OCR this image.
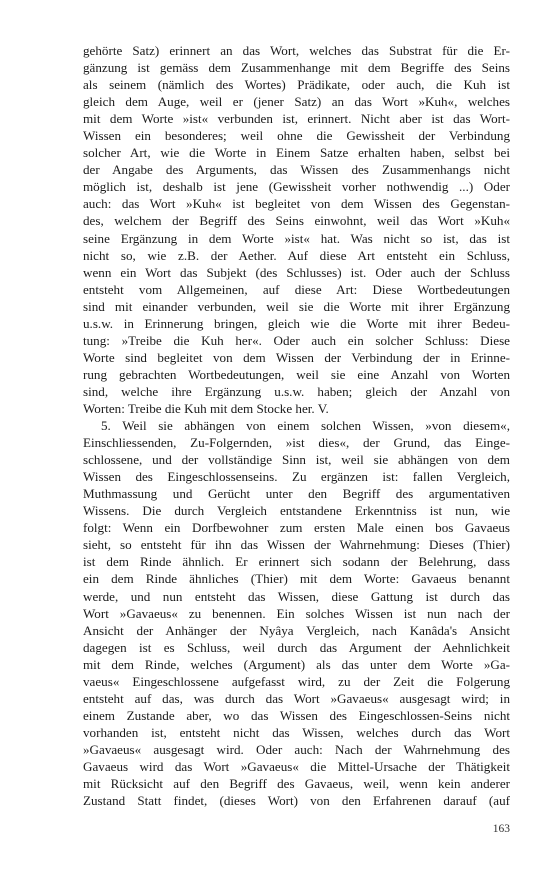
gehörte Satz) erinnert an das Wort, welches das Substrat für die Er-
gänzung ist gemäss dem Zusammenhange mit dem Begriffe des Seins
als seinem (nämlich des Wortes) Prädikate, oder auch, die Kuh ist
gleich dem Auge, weil er (jener Satz) an das Wort »Kuh«, welches
mit dem Worte »ist« verbunden ist, erinnert. Nicht aber ist das Wort-
Wissen ein besonderes; weil ohne die Gewissheit der Verbindung
solcher Art, wie die Worte in Einem Satze erhalten haben, selbst bei
der Angabe des Arguments, das Wissen des Zusammenhangs nicht
möglich ist, deshalb ist jene (Gewissheit vorher nothwendig ...) Oder
auch: das Wort »Kuh« ist begleitet von dem Wissen des Gegenstan-
des, welchem der Begriff des Seins einwohnt, weil das Wort »Kuh«
seine Ergänzung in dem Worte »ist« hat. Was nicht so ist, das ist
nicht so, wie z.B. der Aether. Auf diese Art entsteht ein Schluss,
wenn ein Wort das Subjekt (des Schlusses) ist. Oder auch der Schluss
entsteht vom Allgemeinen, auf diese Art: Diese Wortbedeutungen
sind mit einander verbunden, weil sie die Worte mit ihrer Ergänzung
u.s.w. in Erinnerung bringen, gleich wie die Worte mit ihrer Bedeu-
tung: »Treibe die Kuh her«. Oder auch ein solcher Schluss: Diese
Worte sind begleitet von dem Wissen der Verbindung der in Erinne-
rung gebrachten Wortbedeutungen, weil sie eine Anzahl von Worten
sind, welche ihre Ergänzung u.s.w. haben; gleich der Anzahl von
Worten: Treibe die Kuh mit dem Stocke her. V.
5. Weil sie abhängen von einem solchen Wissen, »von diesem«,
Einschliessenden, Zu-Folgernden, »ist dies«, der Grund, das Einge-
schlossene, und der vollständige Sinn ist, weil sie abhängen von dem
Wissen des Eingeschlossenseins. Zu ergänzen ist: fallen Vergleich,
Muthmassung und Gerücht unter den Begriff des argumentativen
Wissens. Die durch Vergleich entstandene Erkenntniss ist nun, wie
folgt: Wenn ein Dorfbewohner zum ersten Male einen bos Gavaeus
sieht, so entsteht für ihn das Wissen der Wahrnehmung: Dieses (Thier)
ist dem Rinde ähnlich. Er erinnert sich sodann der Belehrung, dass
ein dem Rinde ähnliches (Thier) mit dem Worte: Gavaeus benannt
werde, und nun entsteht das Wissen, diese Gattung ist durch das
Wort »Gavaeus« zu benennen. Ein solches Wissen ist nun nach der
Ansicht der Anhänger der Nyâya Vergleich, nach Kanâda's Ansicht
dagegen ist es Schluss, weil durch das Argument der Aehnlichkeit
mit dem Rinde, welches (Argument) als das unter dem Worte »Ga-
vaeus« Eingeschlossene aufgefasst wird, zu der Zeit die Folgerung
entsteht auf das, was durch das Wort »Gavaeus« ausgesagt wird; in
einem Zustande aber, wo das Wissen des Eingeschlossen-Seins nicht
vorhanden ist, entsteht nicht das Wissen, welches durch das Wort
»Gavaeus« ausgesagt wird. Oder auch: Nach der Wahrnehmung des
Gavaeus wird das Wort »Gavaeus« die Mittel-Ursache der Thätigkeit
mit Rücksicht auf den Begriff des Gavaeus, weil, wenn kein anderer
Zustand Statt findet, (dieses Wort) von den Erfahrenen darauf (auf
163
